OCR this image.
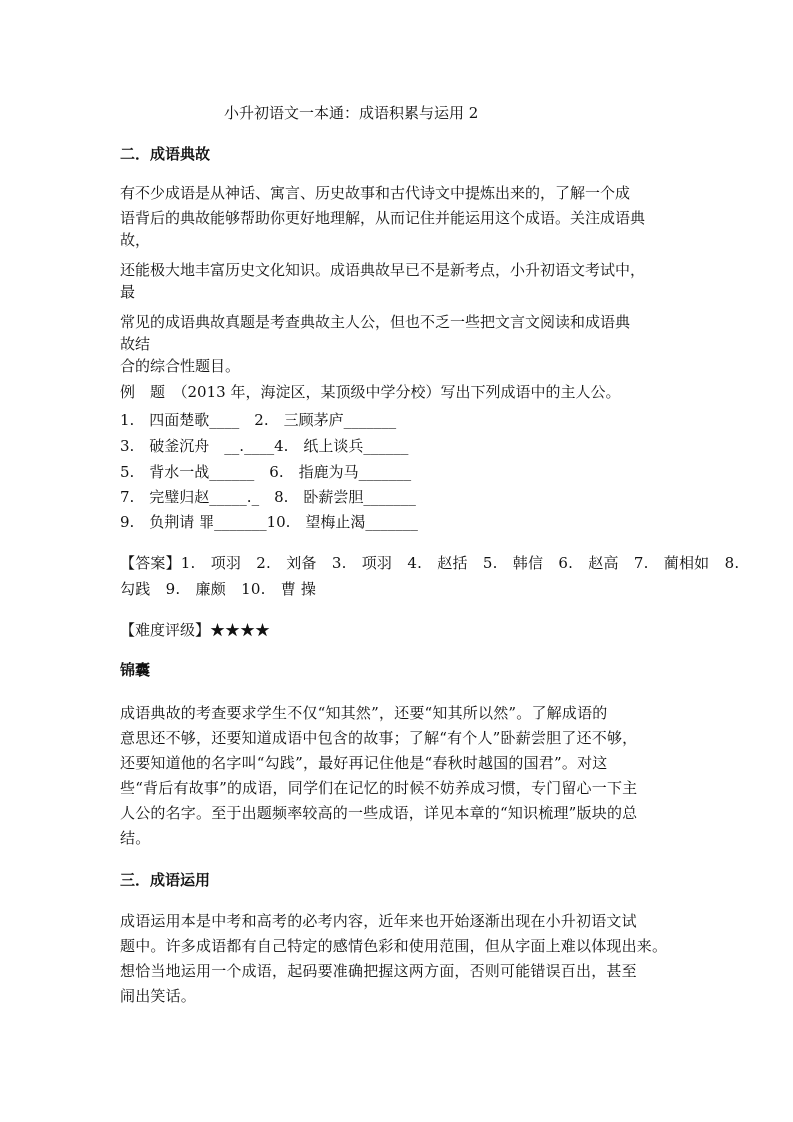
小升初语文一本通：成语积累与运用 2

二．成语典故

有不少成语是从神话、寓言、历史故事和古代诗文中提炼出来的，了解一个成

语背后的典故能够帮助你更好地理解，从而记住并能运用这个成语。关注成语典

故，

还能极大地丰富历史文化知识。成语典故早已不是新考点，小升初语文考试中，

最

常见的成语典故真题是考查典故主人公，但也不乏一些把文言文阅读和成语典

故结

合的综合性题目。

例　题　（2013 年，海淀区，某顶级中学分校）写出下列成语中的主人公。

1.　四面楚歌____　2.　三顾茅庐_______

3.　破釜沉舟　__.____4.　纸上谈兵______

5.　背水一战______　6.　指鹿为马_______

7.　完璧归赵_____._　8.　卧薪尝胆_______

9.　负荆请 罪_______10.　望梅止渴_______

【答案】1.　项羽　2.　刘备　3.　项羽　4.　赵括　5.　韩信　6.　赵高　7.　蔺相如　8.

勾践　9.　廉颇　10.　曹 操

【难度评级】★★★★

锦囊

成语典故的考查要求学生不仅“知其然”，还要“知其所以然”。了解成语的

意思还不够，还要知道成语中包含的故事；了解“有个人”卧薪尝胆了还不够，

还要知道他的名字叫“勾践”，最好再记住他是“春秋时越国的国君”。对这

些“背后有故事”的成语，同学们在记忆的时候不妨养成习惯，专门留心一下主

人公的名字。至于出题频率较高的一些成语，详见本章的“知识梳理”版块的总

结。

三．成语运用

成语运用本是中考和高考的必考内容，近年来也开始逐渐出现在小升初语文试

题中。许多成语都有自己特定的感情色彩和使用范围，但从字面上难以体现出来。

想恰当地运用一个成语，起码要准确把握这两方面，否则可能错误百出，甚至

闹出笑话。
